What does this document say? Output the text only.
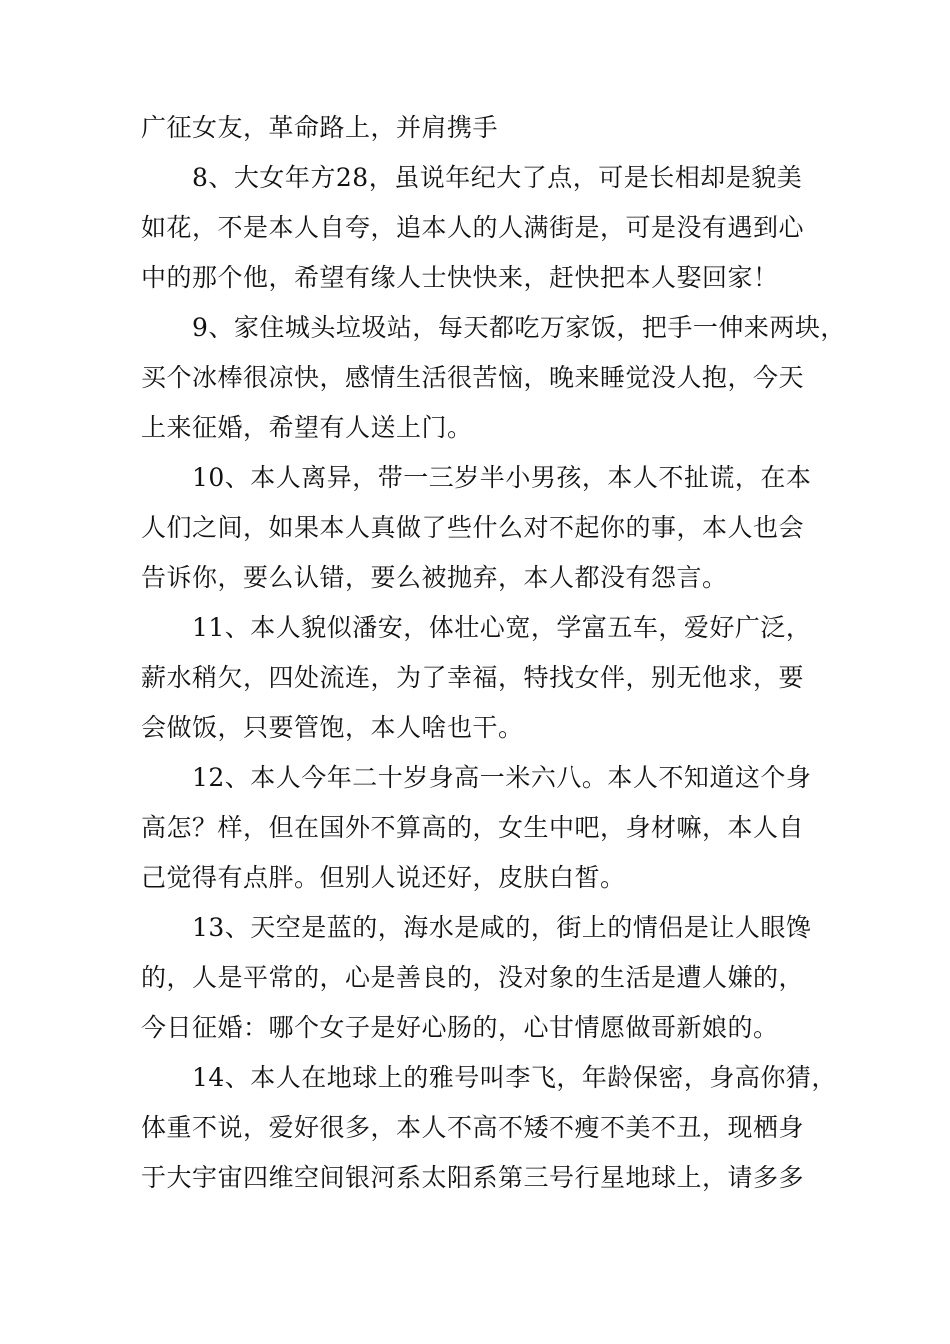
广征女友，革命路上，并肩携手
8、大女年方28，虽说年纪大了点，可是长相却是貌美
如花，不是本人自夸，追本人的人满街是，可是没有遇到心
中的那个他，希望有缘人士快快来，赶快把本人娶回家！
9、家住城头垃圾站，每天都吃万家饭，把手一伸来两块，
买个冰棒很凉快，感情生活很苦恼，晚来睡觉没人抱，今天
上来征婚，希望有人送上门。
10、本人离异，带一三岁半小男孩，本人不扯谎，在本
人们之间，如果本人真做了些什么对不起你的事，本人也会
告诉你，要么认错，要么被抛弃，本人都没有怨言。
11、本人貌似潘安，体壮心宽，学富五车，爱好广泛，
薪水稍欠，四处流连，为了幸福，特找女伴，别无他求，要
会做饭，只要管饱，本人啥也干。
12、本人今年二十岁身高一米六八。本人不知道这个身
高怎？样，但在国外不算高的，女生中吧，身材嘛，本人自
己觉得有点胖。但别人说还好，皮肤白皙。
13、天空是蓝的，海水是咸的，街上的情侣是让人眼馋
的，人是平常的，心是善良的，没对象的生活是遭人嫌的，
今日征婚：哪个女子是好心肠的，心甘情愿做哥新娘的。
14、本人在地球上的雅号叫李飞，年龄保密，身高你猜，
体重不说，爱好很多，本人不高不矮不瘦不美不丑，现栖身
于大宇宙四维空间银河系太阳系第三号行星地球上，请多多
